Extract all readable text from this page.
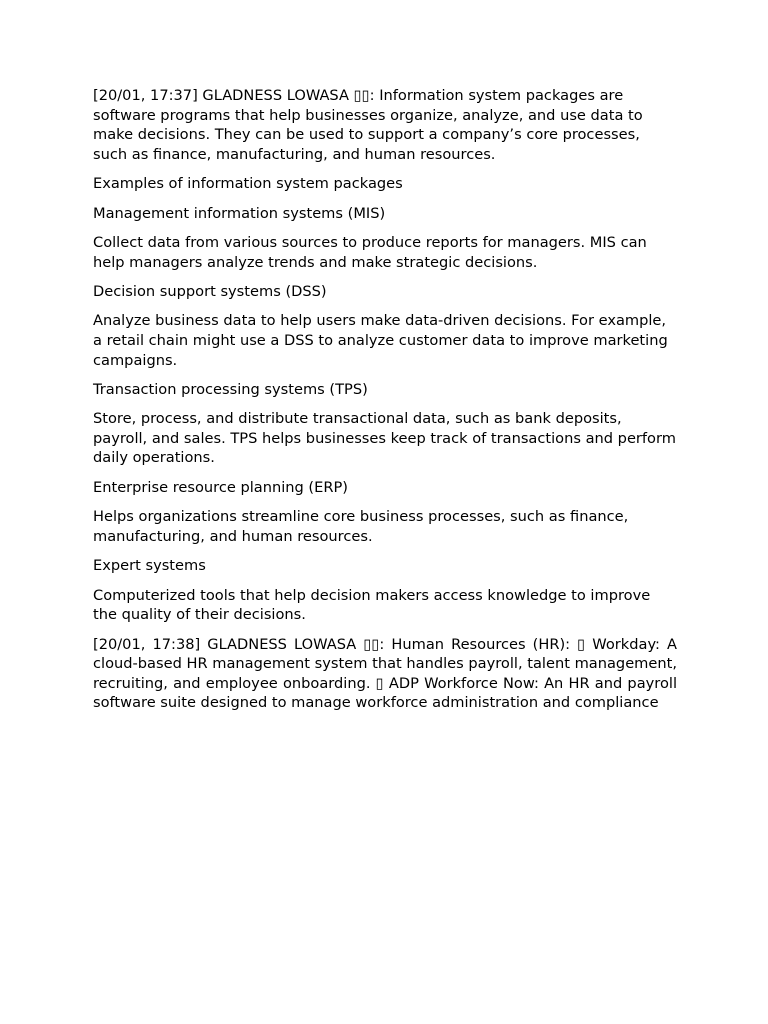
[20/01, 17:37] GLADNESS LOWASA ▯▯: Information system packages are software programs that help businesses organize, analyze, and use data to make decisions. They can be used to support a company’s core processes, such as finance, manufacturing, and human resources.

Examples of information system packages

Management information systems (MIS)

Collect data from various sources to produce reports for managers. MIS can help managers analyze trends and make strategic decisions.

Decision support systems (DSS)

Analyze business data to help users make data-driven decisions. For example, a retail chain might use a DSS to analyze customer data to improve marketing campaigns.

Transaction processing systems (TPS)

Store, process, and distribute transactional data, such as bank deposits, payroll, and sales. TPS helps businesses keep track of transactions and perform daily operations.

Enterprise resource planning (ERP)

Helps organizations streamline core business processes, such as finance, manufacturing, and human resources.

Expert systems

Computerized tools that help decision makers access knowledge to improve the quality of their decisions.

[20/01, 17:38] GLADNESS LOWASA ▯▯: Human Resources (HR): ▯ Workday: A cloud-based HR management system that handles payroll, talent management, recruiting, and employee onboarding. ▯ ADP Workforce Now: An HR and payroll software suite designed to manage workforce administration and compliance
